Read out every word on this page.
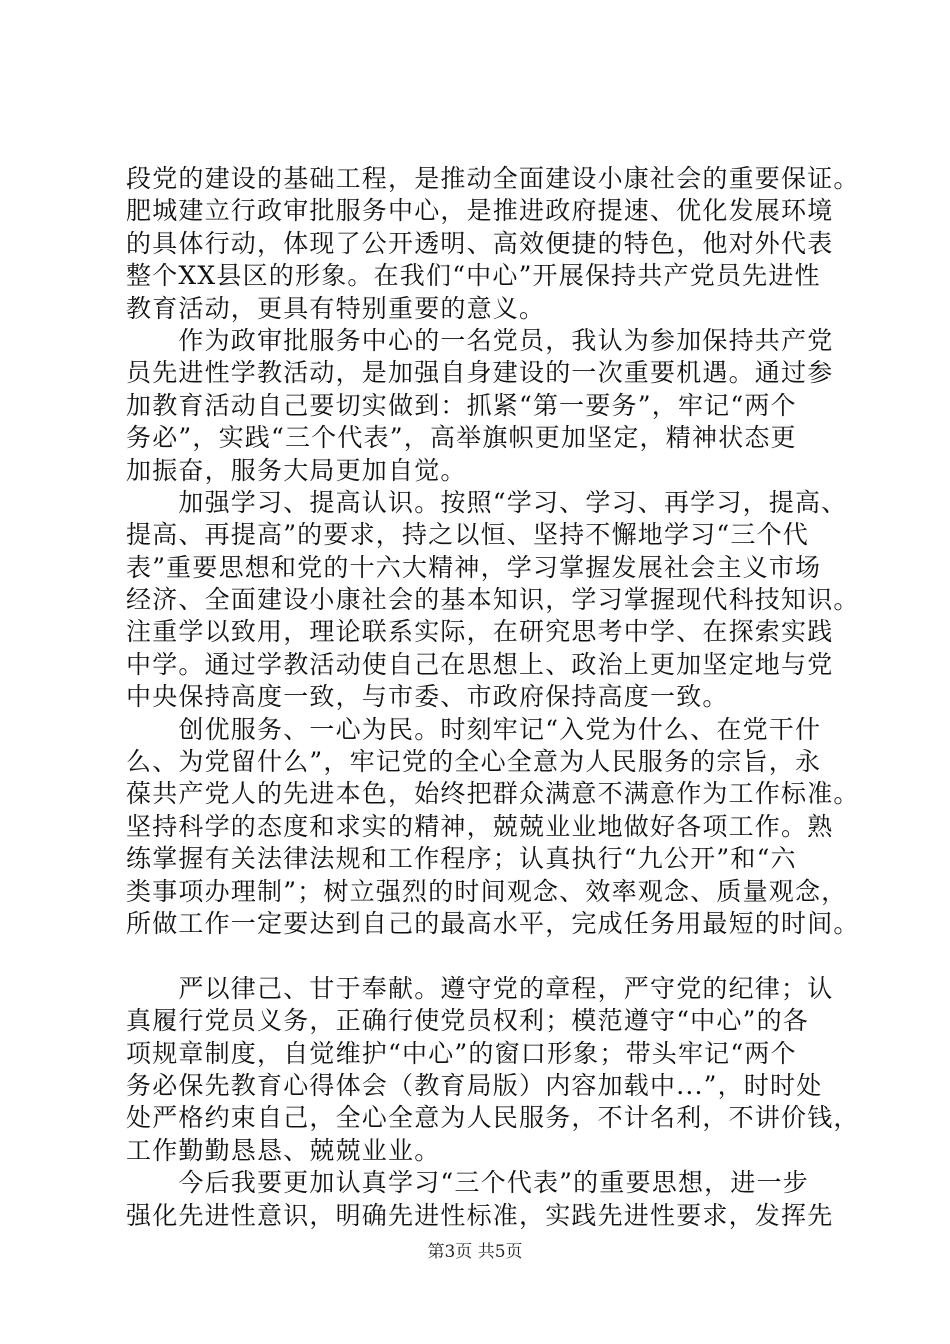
段党的建设的基础工程，是推动全面建设小康社会的重要保证。
肥城建立行政审批服务中心，是推进政府提速、优化发展环境
的具体行动，体现了公开透明、高效便捷的特色，他对外代表
整个XX县区的形象。在我们“中心”开展保持共产党员先进性
教育活动，更具有特别重要的意义。
　　作为政审批服务中心的一名党员，我认为参加保持共产党
员先进性学教活动，是加强自身建设的一次重要机遇。通过参
加教育活动自己要切实做到：抓紧“第一要务”，牢记“两个
务必”，实践“三个代表”，高举旗帜更加坚定，精神状态更
加振奋，服务大局更加自觉。
　　加强学习、提高认识。按照“学习、学习、再学习，提高、
提高、再提高”的要求，持之以恒、坚持不懈地学习“三个代
表”重要思想和党的十六大精神，学习掌握发展社会主义市场
经济、全面建设小康社会的基本知识，学习掌握现代科技知识。
注重学以致用，理论联系实际，在研究思考中学、在探索实践
中学。通过学教活动使自己在思想上、政治上更加坚定地与党
中央保持高度一致，与市委、市政府保持高度一致。
　　创优服务、一心为民。时刻牢记“入党为什么、在党干什
么、为党留什么”，牢记党的全心全意为人民服务的宗旨，永
葆共产党人的先进本色，始终把群众满意不满意作为工作标准。
坚持科学的态度和求实的精神，兢兢业业地做好各项工作。熟
练掌握有关法律法规和工作程序；认真执行“九公开”和“六
类事项办理制”；树立强烈的时间观念、效率观念、质量观念，
所做工作一定要达到自己的最高水平，完成任务用最短的时间。
　　严以律己、甘于奉献。遵守党的章程，严守党的纪律；认
真履行党员义务，正确行使党员权利；模范遵守“中心”的各
项规章制度，自觉维护“中心”的窗口形象；带头牢记“两个
务必保先教育心得体会（教育局版）内容加载中...”，时时处
处严格约束自己，全心全意为人民服务，不计名利，不讲价钱，
工作勤勤恳恳、兢兢业业。
　　今后我要更加认真学习“三个代表”的重要思想，进一步
强化先进性意识，明确先进性标准，实践先进性要求，发挥先
第3页 共5页
